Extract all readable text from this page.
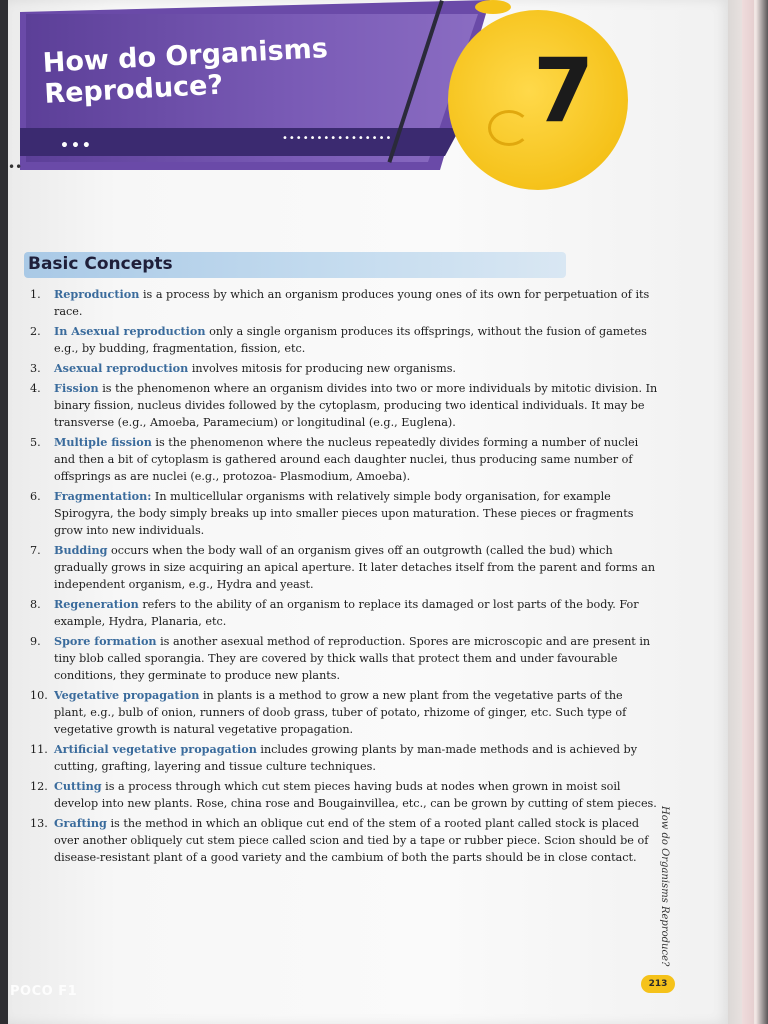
•••	••••••••••••••••
••
How do Organisms
Reproduce?	7
Basic Concepts
1. Reproduction is a process by which an organism produces young ones of its own for perpetuation of its race.
2. In Asexual reproduction only a single organism produces its offsprings, without the fusion of gametes e.g., by budding, fragmentation, fission, etc.
3. Asexual reproduction involves mitosis for producing new organisms.
4. Fission is the phenomenon where an organism divides into two or more individuals by mitotic division. In binary fission, nucleus divides followed by the cytoplasm, producing two identical individuals. It may be transverse (e.g., Amoeba, Paramecium) or longitudinal (e.g., Euglena).
5. Multiple fission is the phenomenon where the nucleus repeatedly divides forming a number of nuclei and then a bit of cytoplasm is gathered around each daughter nuclei, thus producing same number of offsprings as are nuclei (e.g., protozoa- Plasmodium, Amoeba).
6. Fragmentation: In multicellular organisms with relatively simple body organisation, for example Spirogyra, the body simply breaks up into smaller pieces upon maturation. These pieces or fragments grow into new individuals.
7. Budding occurs when the body wall of an organism gives off an outgrowth (called the bud) which gradually grows in size acquiring an apical aperture. It later detaches itself from the parent and forms an independent organism, e.g., Hydra and yeast.
8. Regeneration refers to the ability of an organism to replace its damaged or lost parts of the body. For example, Hydra, Planaria, etc.
9. Spore formation is another asexual method of reproduction. Spores are microscopic and are present in tiny blob called sporangia. They are covered by thick walls that protect them and under favourable conditions, they germinate to produce new plants.
10. Vegetative propagation in plants is a method to grow a new plant from the vegetative parts of the plant, e.g., bulb of onion, runners of doob grass, tuber of potato, rhizome of ginger, etc. Such type of vegetative growth is natural vegetative propagation.
11. Artificial vegetative propagation includes growing plants by man-made methods and is achieved by cutting, grafting, layering and tissue culture techniques.
12. Cutting is a process through which cut stem pieces having buds at nodes when grown in moist soil develop into new plants. Rose, china rose and Bougainvillea, etc., can be grown by cutting of stem pieces.
13. Grafting is the method in which an oblique cut end of the stem of a rooted plant called stock is placed over another obliquely cut stem piece called scion and tied by a tape or rubber piece. Scion should be of disease-resistant plant of a good variety and the cambium of both the parts should be in close contact.	How do Organisms Reproduce?
213
POCO F1
